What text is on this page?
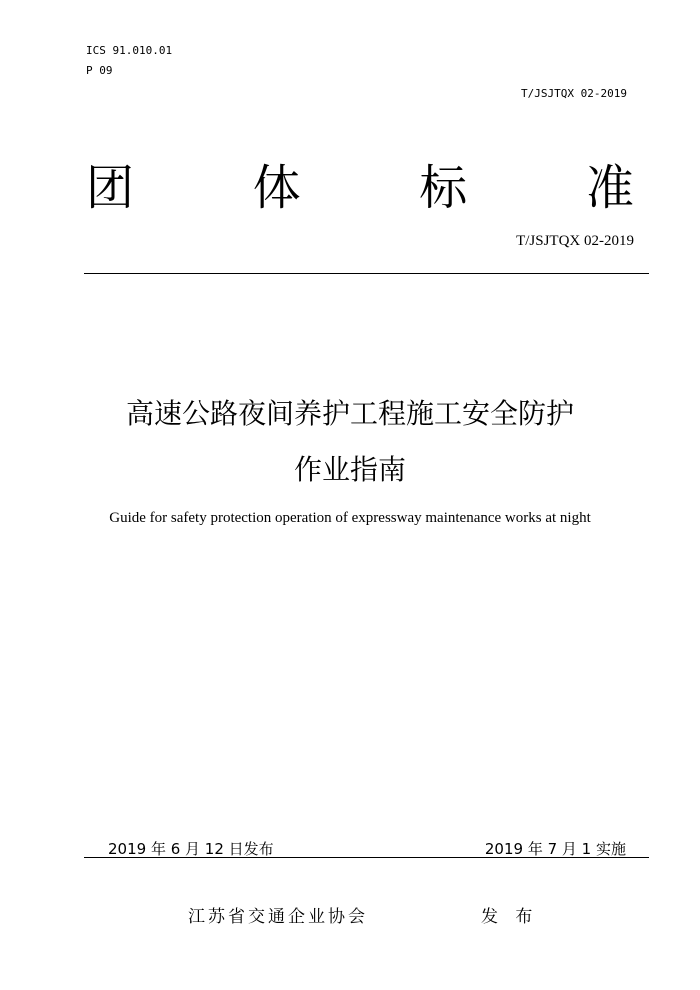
ICS 91.010.01
P 09
T/JSJTQX 02-2019
团 体 标 准
T/JSJTQX 02-2019
高速公路夜间养护工程施工安全防护
作业指南
Guide for safety protection operation of expressway maintenance works at night
2019 年 6 月 12 日发布	2019 年 7 月 1 实施
江苏省交通企业协会	发 布
